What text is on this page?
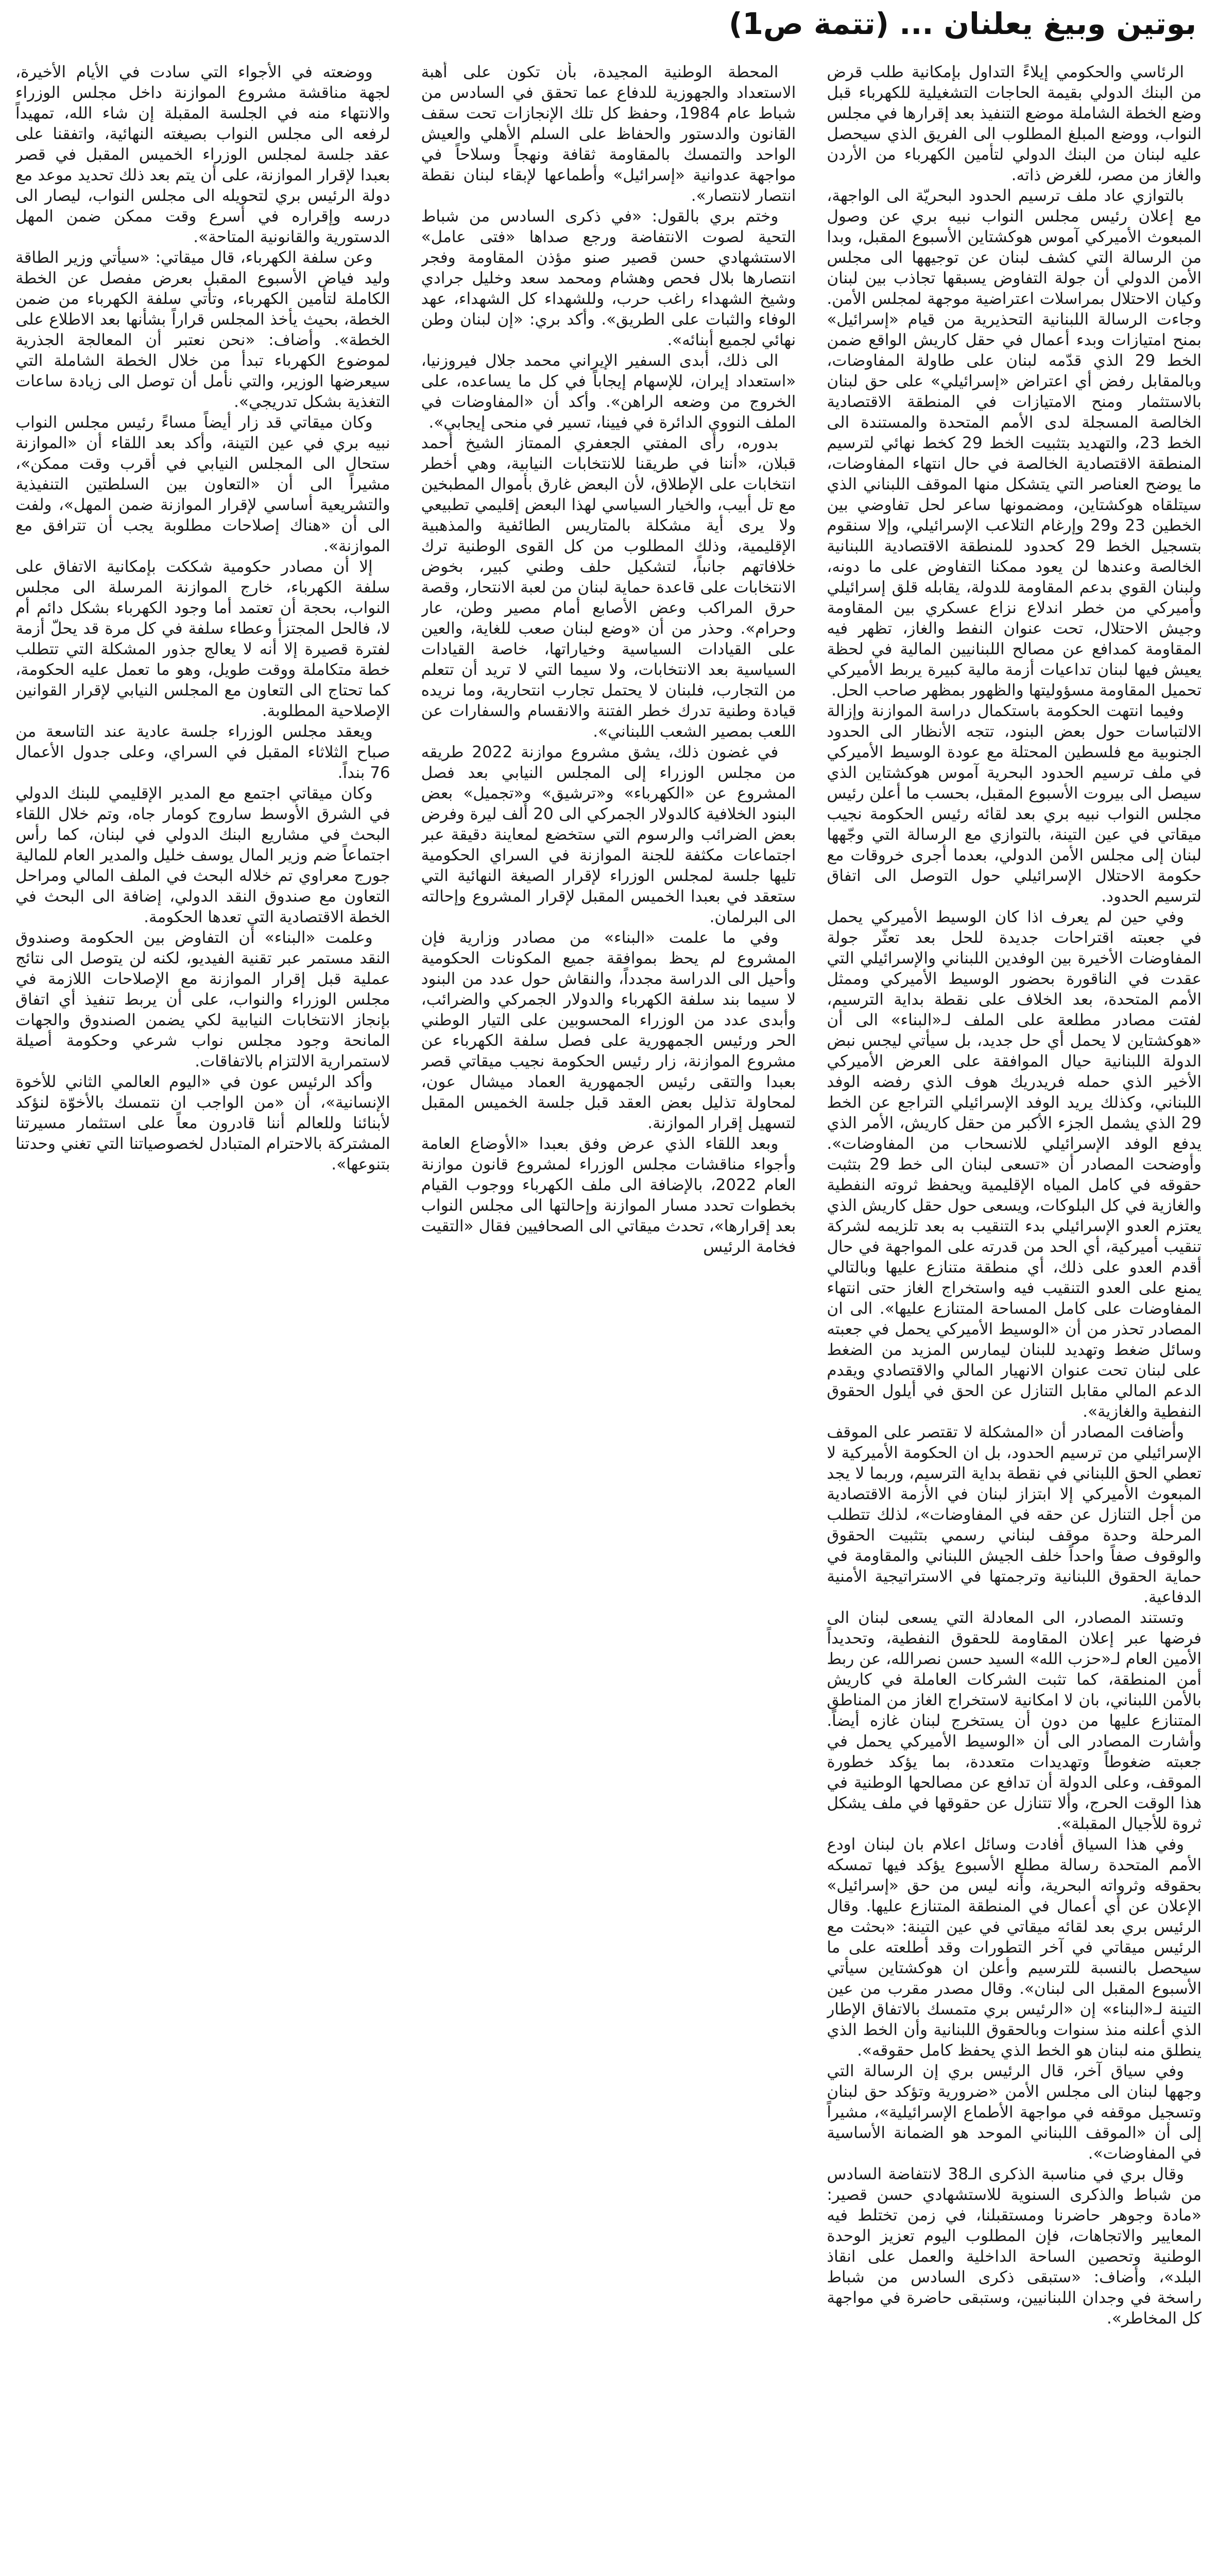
بوتين وبيغ يعلنان ... (تتمة ص1)

الرئاسي والحكومي إيلاءً التداول بإمكانية طلب قرض من البنك الدولي بقيمة الحاجات التشغيلية للكهرباء قبل وضع الخطة الشاملة موضع التنفيذ بعد إقرارها في مجلس النواب، ووضع المبلغ المطلوب الى الفريق الذي سيحصل عليه لبنان من البنك الدولي لتأمين الكهرباء من الأردن والغاز من مصر، للغرض ذاته.

بالتوازي عاد ملف ترسيم الحدود البحريّة الى الواجهة، مع إعلان رئيس مجلس النواب نبيه بري عن وصول المبعوث الأميركي آموس هوكشتاين الأسبوع المقبل، وبدا من الرسالة التي كشف لبنان عن توجيهها الى مجلس الأمن الدولي أن جولة التفاوض يسبقها تجاذب بين لبنان وكيان الاحتلال بمراسلات اعتراضية موجهة لمجلس الأمن. وجاءت الرسالة اللبنانية التحذيرية من قيام «إسرائيل» بمنح امتيازات وبدء أعمال في حقل كاريش الواقع ضمن الخط 29 الذي قدّمه لبنان على طاولة المفاوضات، وبالمقابل رفض أي اعتراض «إسرائيلي» على حق لبنان بالاستثمار ومنح الامتيازات في المنطقة الاقتصادية الخالصة المسجلة لدى الأمم المتحدة والمستندة الى الخط 23، والتهديد بتثبيت الخط 29 كخط نهائي لترسيم المنطقة الاقتصادية الخالصة في حال انتهاء المفاوضات، ما يوضح العناصر التي يتشكل منها الموقف اللبناني الذي سيتلقاه هوكشتاين، ومضمونها ساعر لحل تفاوضي بين الخطين 23 و29 وإرغام التلاعب الإسرائيلي، وإلا سنقوم بتسجيل الخط 29 كحدود للمنطقة الاقتصادية اللبنانية الخالصة وعندها لن يعود ممكنا التفاوض على ما دونه، ولبنان القوي بدعم المقاومة للدولة، يقابله قلق إسرائيلي وأميركي من خطر اندلاع نزاع عسكري بين المقاومة وجيش الاحتلال، تحت عنوان النفط والغاز، تظهر فيه المقاومة كمدافع عن مصالح اللبنانيين المالية في لحظة يعيش فيها لبنان تداعيات أزمة مالية كبيرة يربط الأميركي تحميل المقاومة مسؤوليتها والظهور بمظهر صاحب الحل.

وفيما انتهت الحكومة باستكمال دراسة الموازنة وإزالة الالتباسات حول بعض البنود، تتجه الأنظار الى الحدود الجنوبية مع فلسطين المحتلة مع عودة الوسيط الأميركي في ملف ترسيم الحدود البحرية آموس هوكشتاين الذي سيصل الى بيروت الأسبوع المقبل، بحسب ما أعلن رئيس مجلس النواب نبيه بري بعد لقائه رئيس الحكومة نجيب ميقاتي في عين التينة، بالتوازي مع الرسالة التي وجّهها لبنان إلى مجلس الأمن الدولي، بعدما أجرى خروقات مع حكومة الاحتلال الإسرائيلي حول التوصل الى اتفاق لترسيم الحدود.

وفي حين لم يعرف اذا كان الوسيط الأميركي يحمل في جعبته اقتراحات جديدة للحل بعد تعثّر جولة المفاوضات الأخيرة بين الوفدين اللبناني والإسرائيلي التي عقدت في الناقورة بحضور الوسيط الأميركي وممثل الأمم المتحدة، بعد الخلاف على نقطة بداية الترسيم، لفتت مصادر مطلعة على الملف لـ«البناء» الى أن «هوكشتاين لا يحمل أي حل جديد، بل سيأتي ليجس نبض الدولة اللبنانية حيال الموافقة على العرض الأميركي الأخير الذي حمله فريدريك هوف الذي رفضه الوفد اللبناني، وكذلك يريد الوفد الإسرائيلي التراجع عن الخط 29 الذي يشمل الجزء الأكبر من حقل كاريش، الأمر الذي يدفع الوفد الإسرائيلي للانسحاب من المفاوضات». وأوضحت المصادر أن «تسعى لبنان الى خط 29 بتثبت حقوقه في كامل المياه الإقليمية ويحفظ ثروته النفطية والغازية في كل البلوكات، ويسعى حول حقل كاريش الذي يعتزم العدو الإسرائيلي بدء التنقيب به بعد تلزيمه لشركة تنقيب أميركية، أي الحد من قدرته على المواجهة في حال أقدم العدو على ذلك، أي منطقة متنازع عليها وبالتالي يمنع على العدو التنقيب فيه واستخراج الغاز حتى انتهاء المفاوضات على كامل المساحة المتنازع عليها». الى ان المصادر تحذر من أن «الوسيط الأميركي يحمل في جعبته وسائل ضغط وتهديد للبنان ليمارس المزيد من الضغط على لبنان تحت عنوان الانهيار المالي والاقتصادي ويقدم الدعم المالي مقابل التنازل عن الحق في أيلول الحقوق النفطية والغازية».

وأضافت المصادر أن «المشكلة لا تقتصر على الموقف الإسرائيلي من ترسيم الحدود، بل ان الحكومة الأميركية لا تعطي الحق اللبناني في نقطة بداية الترسيم، وربما لا يجد المبعوث الأميركي إلا ابتزاز لبنان في الأزمة الاقتصادية من أجل التنازل عن حقه في المفاوضات»، لذلك تتطلب المرحلة وحدة موقف لبناني رسمي بتثبيت الحقوق والوقوف صفاً واحداً خلف الجيش اللبناني والمقاومة في حماية الحقوق اللبنانية وترجمتها في الاستراتيجية الأمنية الدفاعية.

وتستند المصادر، الى المعادلة التي يسعى لبنان الى فرضها عبر إعلان المقاومة للحقوق النفطية، وتحديداً الأمين العام لـ«حزب الله» السيد حسن نصرالله، عن ربط أمن المنطقة، كما تثبت الشركات العاملة في كاريش بالأمن اللبناني، بان لا امكانية لاستخراج الغاز من المناطق المتنازع عليها من دون أن يستخرج لبنان غازه أيضاً. وأشارت المصادر الى أن «الوسيط الأميركي يحمل في جعبته ضغوطاً وتهديدات متعددة، بما يؤكد خطورة الموقف، وعلى الدولة أن تدافع عن مصالحها الوطنية في هذا الوقت الحرج، وألا تتنازل عن حقوقها في ملف يشكل ثروة للأجيال المقبلة».

وفي هذا السياق أفادت وسائل اعلام بان لبنان اودع الأمم المتحدة رسالة مطلع الأسبوع يؤكد فيها تمسكه بحقوقه وثرواته البحرية، وأنه ليس من حق «إسرائيل» الإعلان عن أي أعمال في المنطقة المتنازع عليها. وقال الرئيس بري بعد لقائه ميقاتي في عين التينة: «بحثت مع الرئيس ميقاتي في آخر التطورات وقد أطلعته على ما سيحصل بالنسبة للترسيم وأعلن ان هوكشتاين سيأتي الأسبوع المقبل الى لبنان». وقال مصدر مقرب من عين التينة لـ«البناء» إن «الرئيس بري متمسك بالاتفاق الإطار الذي أعلنه منذ سنوات وبالحقوق اللبنانية وأن الخط الذي ينطلق منه لبنان هو الخط الذي يحفظ كامل حقوقه».

وفي سياق آخر، قال الرئيس بري إن الرسالة التي وجهها لبنان الى مجلس الأمن «ضرورية وتؤكد حق لبنان وتسجيل موقفه في مواجهة الأطماع الإسرائيلية»، مشيراً إلى أن «الموقف اللبناني الموحد هو الضمانة الأساسية في المفاوضات».

وقال بري في مناسبة الذكرى الـ38 لانتفاضة السادس من شباط والذكرى السنوية للاستشهادي حسن قصير: «مادة وجوهر حاضرنا ومستقبلنا، في زمن تختلط فيه المعايير والاتجاهات، فإن المطلوب اليوم تعزيز الوحدة الوطنية وتحصين الساحة الداخلية والعمل على انقاذ البلد»، وأضاف: «ستبقى ذكرى السادس من شباط راسخة في وجدان اللبنانيين، وستبقى حاضرة في مواجهة كل المخاطر».

المحطة الوطنية المجيدة، بأن تكون على أهبة الاستعداد والجهوزية للدفاع عما تحقق في السادس من شباط عام 1984، وحفظ كل تلك الإنجازات تحت سقف القانون والدستور والحفاظ على السلم الأهلي والعيش الواحد والتمسك بالمقاومة ثقافة ونهجاً وسلاحاً في مواجهة عدوانية «إسرائيل» وأطماعها لإبقاء لبنان نقطة انتصار لانتصار».

وختم بري بالقول: «في ذكرى السادس من شباط التحية لصوت الانتفاضة ورجع صداها «فتى عامل» الاستشهادي حسن قصير صنو مؤذن المقاومة وفجر انتصارها بلال فحص وهشام ومحمد سعد وخليل جرادي وشيخ الشهداء راغب حرب، وللشهداء كل الشهداء، عهد الوفاء والثبات على الطريق». وأكد بري: «إن لبنان وطن نهائي لجميع أبنائه».

الى ذلك، أبدى السفير الإيراني محمد جلال فيروزنيا، «استعداد إيران، للإسهام إيجاباً في كل ما يساعده، على الخروج من وضعه الراهن». وأكد أن «المفاوضات في الملف النووي الدائرة في فيينا، تسير في منحى إيجابي».

بدوره، رأى المفتي الجعفري الممتاز الشيخ أحمد قبلان، «أننا في طريقنا للانتخابات النيابية، وهي أخطر انتخابات على الإطلاق، لأن البعض غارق بأموال المطبخين مع تل أبيب، والخيار السياسي لهذا البعض إقليمي تطبيعي ولا يرى أية مشكلة بالمتاريس الطائفية والمذهبية الإقليمية، وذلك المطلوب من كل القوى الوطنية ترك خلافاتهم جانباً، لتشكيل حلف وطني كبير، بخوض الانتخابات على قاعدة حماية لبنان من لعبة الانتحار، وقصة حرق المراكب وعض الأصابع أمام مصير وطن، عار وحرام». وحذر من أن «وضع لبنان صعب للغاية، والعين على القيادات السياسية وخياراتها، خاصة القيادات السياسية بعد الانتخابات، ولا سيما التي لا تريد أن تتعلم من التجارب، فلبنان لا يحتمل تجارب انتحارية، وما نريده قيادة وطنية تدرك خطر الفتنة والانقسام والسفارات عن اللعب بمصير الشعب اللبناني».

في غضون ذلك، يشق مشروع موازنة 2022 طريقه من مجلس الوزراء إلى المجلس النيابي بعد فصل المشروع عن «الكهرباء» و«ترشيق» و«تجميل» بعض البنود الخلافية كالدولار الجمركي الى 20 ألف ليرة وفرض بعض الضرائب والرسوم التي ستخضع لمعاينة دقيقة عبر اجتماعات مكثفة للجنة الموازنة في السراي الحكومية تليها جلسة لمجلس الوزراء لإقرار الصيغة النهائية التي ستعقد في بعبدا الخميس المقبل لإقرار المشروع وإحالته الى البرلمان.

وفي ما علمت «البناء» من مصادر وزارية فإن المشروع لم يحظ بموافقة جميع المكونات الحكومية وأحيل الى الدراسة مجدداً، والنقاش حول عدد من البنود لا سيما بند سلفة الكهرباء والدولار الجمركي والضرائب، وأبدى عدد من الوزراء المحسوبين على التيار الوطني الحر ورئيس الجمهورية على فصل سلفة الكهرباء عن مشروع الموازنة، زار رئيس الحكومة نجيب ميقاتي قصر بعبدا والتقى رئيس الجمهورية العماد ميشال عون، لمحاولة تذليل بعض العقد قبل جلسة الخميس المقبل لتسهيل إقرار الموازنة.

وبعد اللقاء الذي عرض وفق بعبدا «الأوضاع العامة وأجواء مناقشات مجلس الوزراء لمشروع قانون موازنة العام 2022، بالإضافة الى ملف الكهرباء ووجوب القيام بخطوات تحدد مسار الموازنة وإحالتها الى مجلس النواب بعد إقرارها»، تحدث ميقاتي الى الصحافيين فقال «التقيت فخامة الرئيس

ووضعته في الأجواء التي سادت في الأيام الأخيرة، لجهة مناقشة مشروع الموازنة داخل مجلس الوزراء والانتهاء منه في الجلسة المقبلة إن شاء الله، تمهيداً لرفعه الى مجلس النواب بصيغته النهائية، واتفقنا على عقد جلسة لمجلس الوزراء الخميس المقبل في قصر بعبدا لإقرار الموازنة، على أن يتم بعد ذلك تحديد موعد مع دولة الرئيس بري لتحويله الى مجلس النواب، ليصار الى درسه وإقراره في أسرع وقت ممكن ضمن المهل الدستورية والقانونية المتاحة».

وعن سلفة الكهرباء، قال ميقاتي: «سيأتي وزير الطاقة وليد فياض الأسبوع المقبل بعرض مفصل عن الخطة الكاملة لتأمين الكهرباء، وتأتي سلفة الكهرباء من ضمن الخطة، بحيث يأخذ المجلس قراراً بشأنها بعد الاطلاع على الخطة». وأضاف: «نحن نعتبر أن المعالجة الجذرية لموضوع الكهرباء تبدأ من خلال الخطة الشاملة التي سيعرضها الوزير، والتي نأمل أن توصل الى زيادة ساعات التغذية بشكل تدريجي».

وكان ميقاتي قد زار أيضاً مساءً رئيس مجلس النواب نبيه بري في عين التينة، وأكد بعد اللقاء أن «الموازنة ستحال الى المجلس النيابي في أقرب وقت ممكن»، مشيراً الى أن «التعاون بين السلطتين التنفيذية والتشريعية أساسي لإقرار الموازنة ضمن المهل»، ولفت الى أن «هناك إصلاحات مطلوبة يجب أن تترافق مع الموازنة».

إلا أن مصادر حكومية شككت بإمكانية الاتفاق على سلفة الكهرباء، خارج الموازنة المرسلة الى مجلس النواب، بحجة أن تعتمد أما وجود الكهرباء بشكل دائم أم لا، فالحل المجتزأ وعطاء سلفة في كل مرة قد يحلّ أزمة لفترة قصيرة إلا أنه لا يعالج جذور المشكلة التي تتطلب خطة متكاملة ووقت طويل، وهو ما تعمل عليه الحكومة، كما تحتاج الى التعاون مع المجلس النيابي لإقرار القوانين الإصلاحية المطلوبة.

ويعقد مجلس الوزراء جلسة عادية عند التاسعة من صباح الثلاثاء المقبل في السراي، وعلى جدول الأعمال 76 بنداً.

وكان ميقاتي اجتمع مع المدير الإقليمي للبنك الدولي في الشرق الأوسط ساروج كومار جاه، وتم خلال اللقاء البحث في مشاريع البنك الدولي في لبنان، كما رأس اجتماعاً ضم وزير المال يوسف خليل والمدير العام للمالية جورج معراوي تم خلاله البحث في الملف المالي ومراحل التعاون مع صندوق النقد الدولي، إضافة الى البحث في الخطة الاقتصادية التي تعدها الحكومة.

وعلمت «البناء» أن التفاوض بين الحكومة وصندوق النقد مستمر عبر تقنية الفيديو، لكنه لن يتوصل الى نتائج عملية قبل إقرار الموازنة مع الإصلاحات اللازمة في مجلس الوزراء والنواب، على أن يربط تنفيذ أي اتفاق بإنجاز الانتخابات النيابية لكي يضمن الصندوق والجهات المانحة وجود مجلس نواب شرعي وحكومة أصيلة لاستمرارية الالتزام بالاتفاقات.

وأكد الرئيس عون في «اليوم العالمي الثاني للأخوة الإنسانية»، أن «من الواجب ان نتمسك بالأخوّة لنؤكد لأبنائنا وللعالم أننا قادرون معاً على استثمار مسيرتنا المشتركة بالاحترام المتبادل لخصوصياتنا التي تغني وحدتنا بتنوعها».
